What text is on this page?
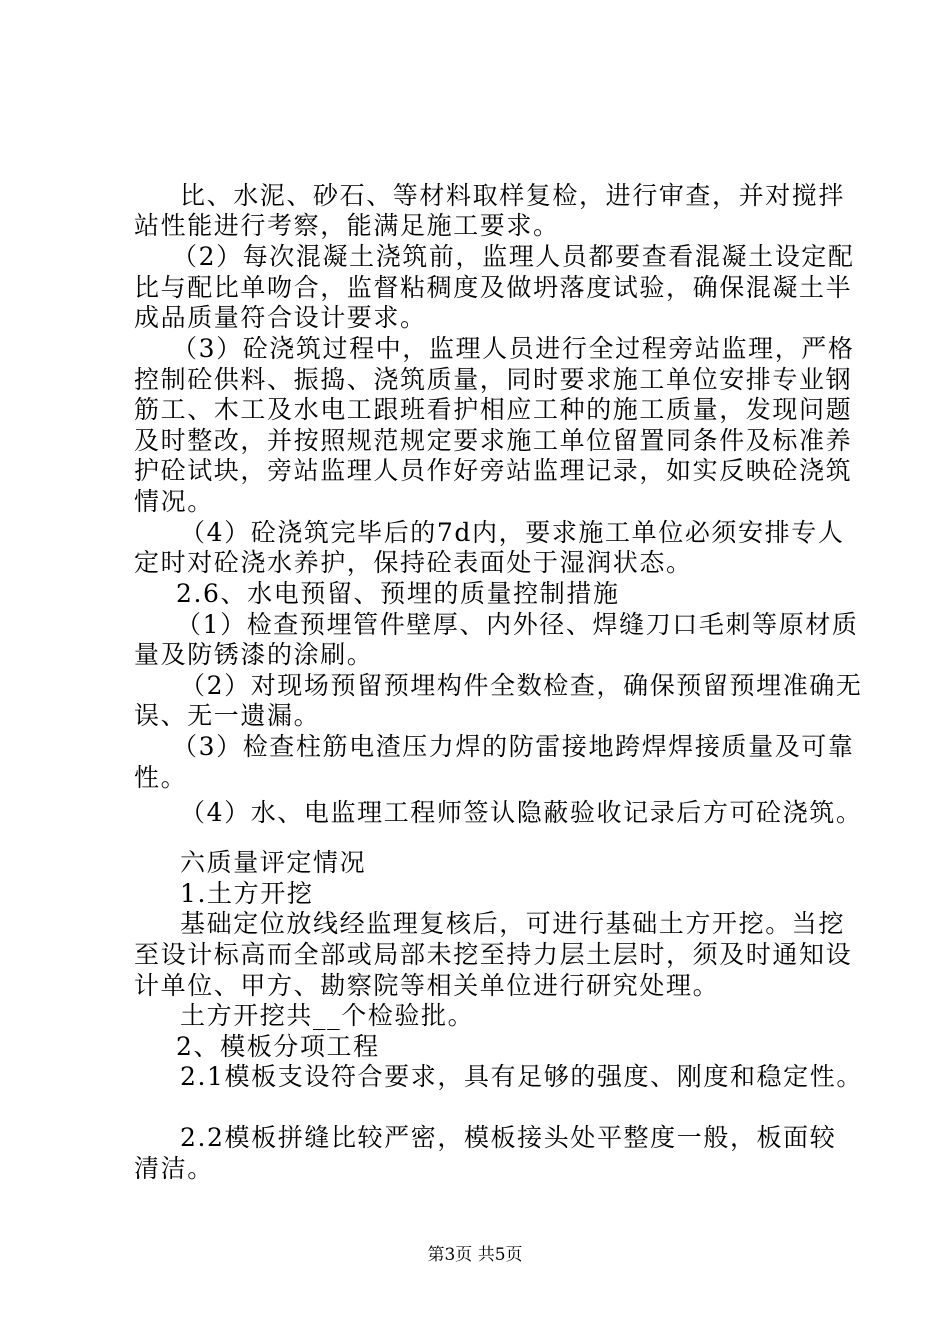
比、水泥、砂石、等材料取样复检，进行审查，并对搅拌
站性能进行考察，能满足施工要求。
（2）每次混凝土浇筑前，监理人员都要查看混凝土设定配
比与配比单吻合，监督粘稠度及做坍落度试验，确保混凝土半
成品质量符合设计要求。
（3）砼浇筑过程中，监理人员进行全过程旁站监理，严格
控制砼供料、振捣、浇筑质量，同时要求施工单位安排专业钢
筋工、木工及水电工跟班看护相应工种的施工质量，发现问题
及时整改，并按照规范规定要求施工单位留置同条件及标准养
护砼试块，旁站监理人员作好旁站监理记录，如实反映砼浇筑
情况。
（4）砼浇筑完毕后的7d内，要求施工单位必须安排专人
定时对砼浇水养护，保持砼表面处于湿润状态。
2.6、水电预留、预埋的质量控制措施
（1）检查预埋管件壁厚、内外径、焊缝刀口毛刺等原材质
量及防锈漆的涂刷。
（2）对现场预留预埋构件全数检查，确保预留预埋准确无
误、无一遗漏。
（3）检查柱筋电渣压力焊的防雷接地跨焊焊接质量及可靠
性。
（4）水、电监理工程师签认隐蔽验收记录后方可砼浇筑。
六质量评定情况
1.土方开挖
基础定位放线经监理复核后，可进行基础土方开挖。当挖
至设计标高而全部或局部未挖至持力层土层时，须及时通知设
计单位、甲方、勘察院等相关单位进行研究处理。
土方开挖共__个检验批。
2、模板分项工程
2.1模板支设符合要求，具有足够的强度、刚度和稳定性。
2.2模板拼缝比较严密，模板接头处平整度一般，板面较
清洁。
第3页 共5页
